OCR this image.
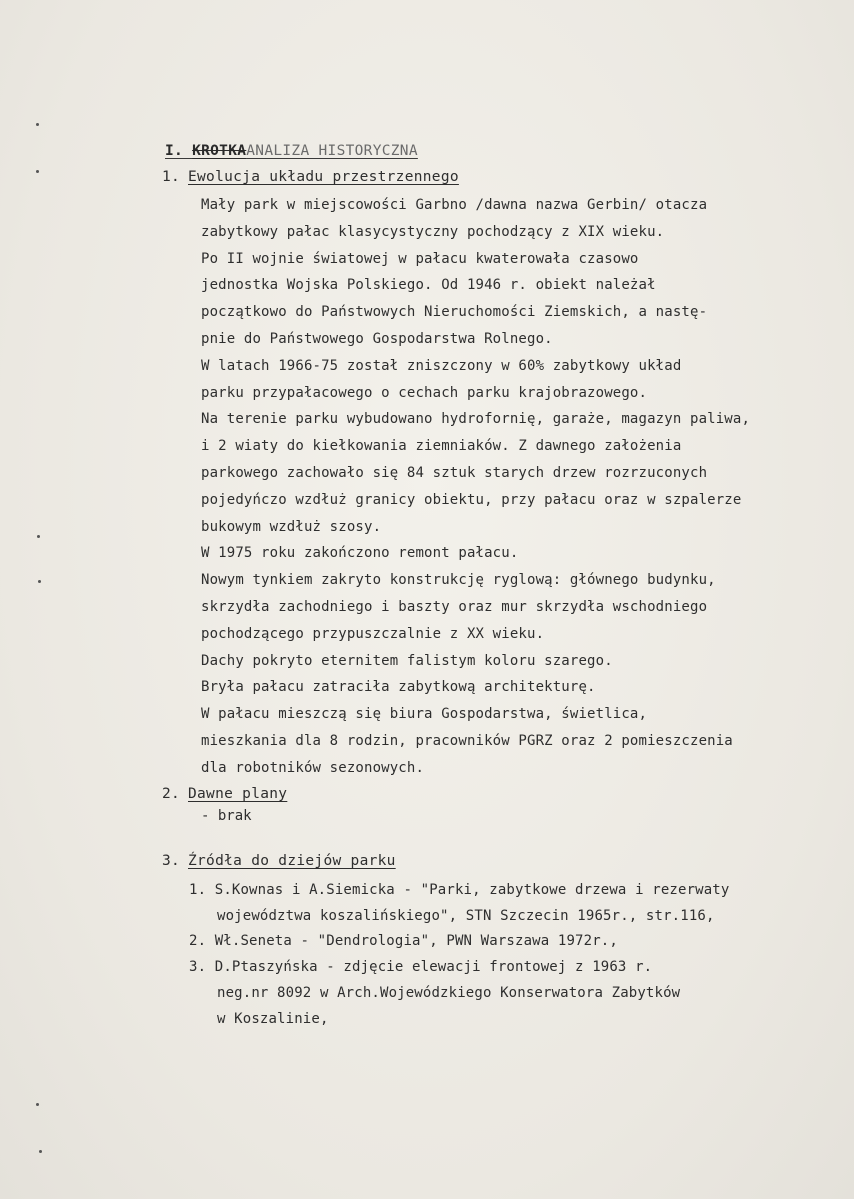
I. KROTKAANALIZA HISTORYCZNA
1. Ewolucja układu przestrzennego
Mały park w miejscowości Garbno /dawna nazwa Gerbin/ otacza
zabytkowy pałac klasycystyczny pochodzący z XIX wieku.
Po II wojnie światowej w pałacu kwaterowała czasowo
jednostka Wojska Polskiego. Od 1946 r. obiekt należał
początkowo do Państwowych Nieruchomości Ziemskich, a nastę-
pnie do Państwowego Gospodarstwa Rolnego.
W latach 1966-75 został zniszczony w 60% zabytkowy układ
parku przypałacowego o cechach parku krajobrazowego.
Na terenie parku wybudowano hydrofornię, garaże, magazyn paliwa,
i 2 wiaty do kiełkowania ziemniaków. Z dawnego założenia
parkowego zachowało się 84 sztuk starych drzew rozrzuconych
pojedyńczo wzdłuż granicy obiektu, przy pałacu oraz w szpalerze
bukowym wzdłuż szosy.
W 1975 roku zakończono remont pałacu.
Nowym tynkiem zakryto konstrukcję ryglową: głównego budynku,
skrzydła zachodniego i baszty oraz mur skrzydła wschodniego
pochodzącego przypuszczalnie z XX wieku.
Dachy pokryto eternitem falistym koloru szarego.
Bryła pałacu zatraciła zabytkową architekturę.
W pałacu mieszczą się biura Gospodarstwa, świetlica,
mieszkania dla 8 rodzin, pracowników PGRZ oraz 2 pomieszczenia
dla robotników sezonowych.
2. Dawne plany
- brak
3. Źródła do dziejów parku
1. S.Kownas i A.Siemicka - "Parki, zabytkowe drzewa i rezerwaty
województwa koszalińskiego", STN Szczecin 1965r., str.116,
2. Wł.Seneta - "Dendrologia", PWN Warszawa 1972r.,
3. D.Ptaszyńska - zdjęcie elewacji frontowej z 1963 r.
neg.nr 8092 w Arch.Wojewódzkiego Konserwatora Zabytków
w Koszalinie,
